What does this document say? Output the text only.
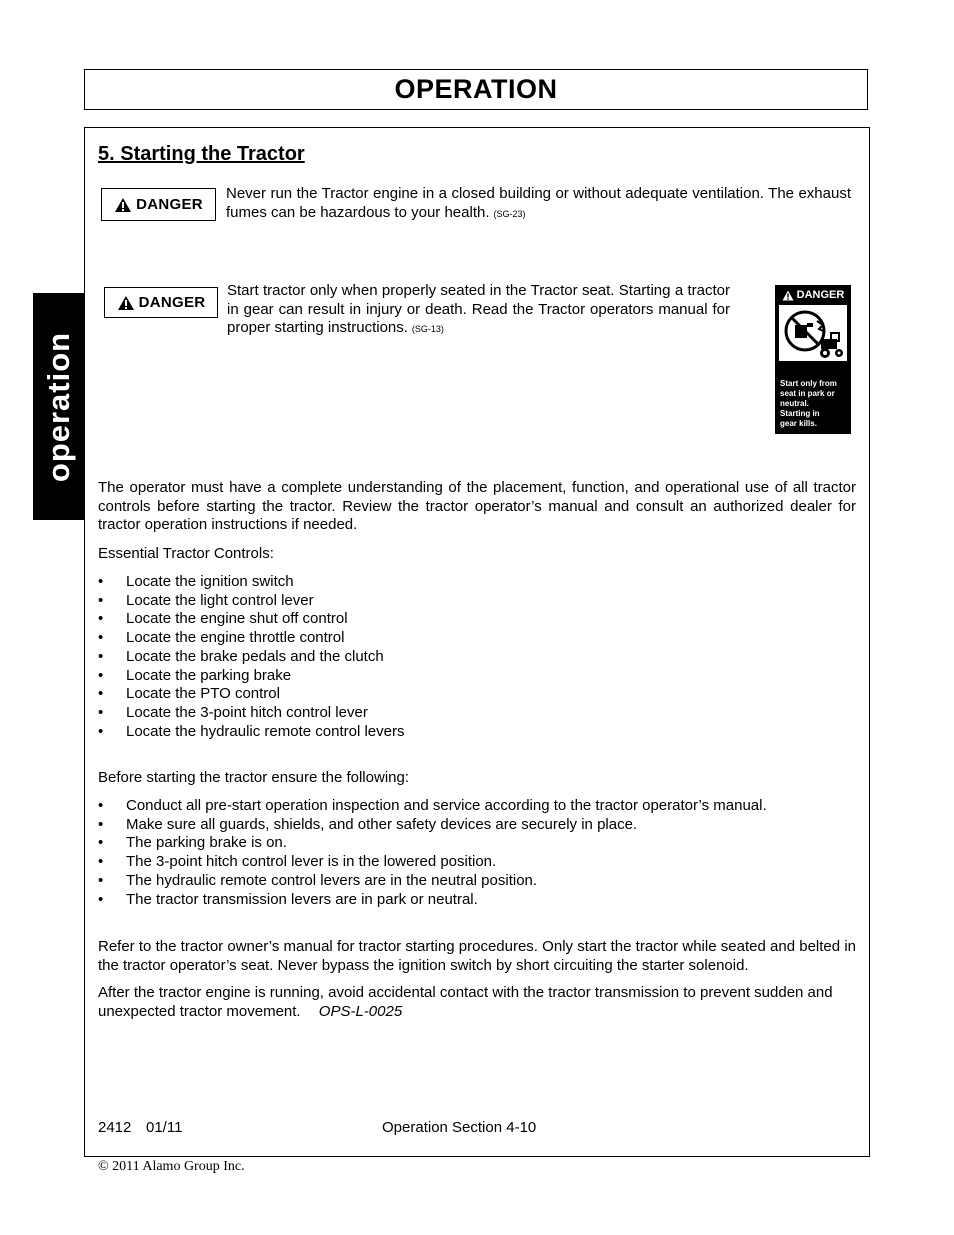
OPERATION
operation
5. Starting the Tractor
DANGER

Never run the Tractor engine in a closed building or without adequate ventilation. The exhaust fumes can be hazardous to your health. (SG-23)

DANGER

Start tractor only when properly seated in the Tractor seat. Starting a tractor in gear can result in injury or death. Read the Tractor operators manual for proper starting instructions. (SG-13)

DANGER
Start only from
seat in park or
neutral.
Starting in
gear kills.

The operator must have a complete understanding of the placement, function, and operational use of all tractor controls before starting the tractor. Review the tractor operator’s manual and consult an authorized dealer for tractor operation instructions if needed.

Essential Tractor Controls:

• Locate the ignition switch
• Locate the light control lever
• Locate the engine shut off control
• Locate the engine throttle control
• Locate the brake pedals and the clutch
• Locate the parking brake
• Locate the PTO control
• Locate the 3-point hitch control lever
• Locate the hydraulic remote control levers

Before starting the tractor ensure the following:

• Conduct all pre-start operation inspection and service according to the tractor operator’s manual.
• Make sure all guards, shields, and other safety devices are securely in place.
• The parking brake is on.
• The 3-point hitch control lever is in the lowered position.
• The hydraulic remote control levers are in the neutral position.
• The tractor transmission levers are in park or neutral.

Refer to the tractor owner’s manual for tractor starting procedures. Only start the tractor while seated and belted in the tractor operator’s seat. Never bypass the ignition switch by short circuiting the starter solenoid.

After the tractor engine is running, avoid accidental contact with the tractor transmission to prevent sudden and unexpected tractor movement. OPS-L-0025

2412 01/11	Operation Section 4-10
© 2011 Alamo Group Inc.
